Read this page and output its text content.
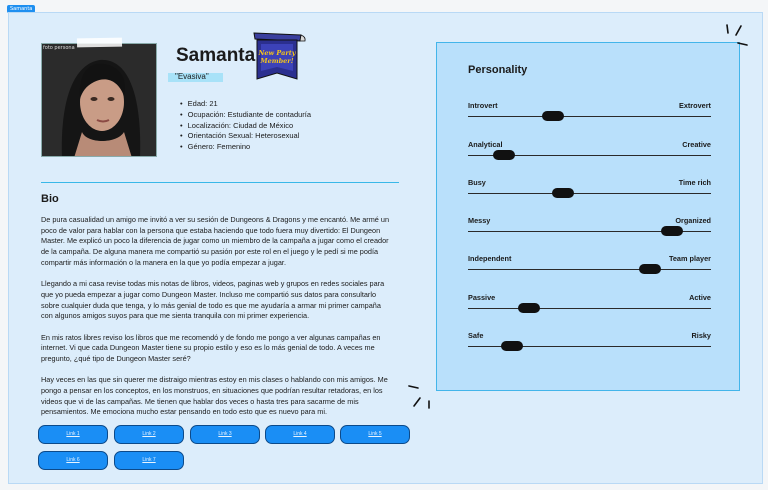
Samanta
foto persona	Samanta
"Evasiva"
New Party
Member!
• Edad: 21
• Ocupación: Estudiante de contaduría
• Localización: Ciudad de México
• Orientación Sexual: Heterosexual
• Género: Femenino
Bio

De pura casualidad un amigo me invitó a ver su sesión de Dungeons & Dragons y me encantó. Me armé un poco de valor para hablar con la persona que estaba haciendo que todo fuera muy divertido: El Dungeon Master. Me explicó un poco la diferencia de jugar como un miembro de la campaña a jugar como el creador de la campaña. De alguna manera me compartió su pasión por este rol en el juego y le pedí si me podía compartir más información o la manera en la que yo podía empezar a jugar.

Llegando a mi casa revise todas mis notas de libros, videos, paginas web y grupos en redes sociales para que yo pueda empezar a jugar como Dungeon Master. Incluso me compartió sus datos para consultarlo sobre cualquier duda que tenga, y lo más genial de todo es que me ayudaría a armar mi primer campaña con algunos amigos suyos para que me sienta tranquila con mi primer experiencia.

En mis ratos libres reviso los libros que me recomendó y de fondo me pongo a ver algunas campañas en internet. Vi que cada Dungeon Master tiene su propio estilo y eso es lo más genial de todo. A veces me pregunto, ¿qué tipo de Dungeon Master seré?

Hay veces en las que sin querer me distraigo mientras estoy en mis clases o hablando con mis amigos. Me pongo a pensar en los conceptos, en los monstruos, en situaciones que podrían resultar retadoras, en los videos que vi de las campañas. Me tienen que hablar dos veces o hasta tres para sacarme de mis pensamientos. Me emociona mucho estar pensando en todo esto que es nuevo para mi.

Link 1	Link 2	Link 3	Link 4	Link 5
Link 6	Link 7
Personality
Introvert	Extrovert
Analytical	Creative
Busy	Time rich
Messy	Organized
Independent	Team player
Passive	Active
Safe	Risky
